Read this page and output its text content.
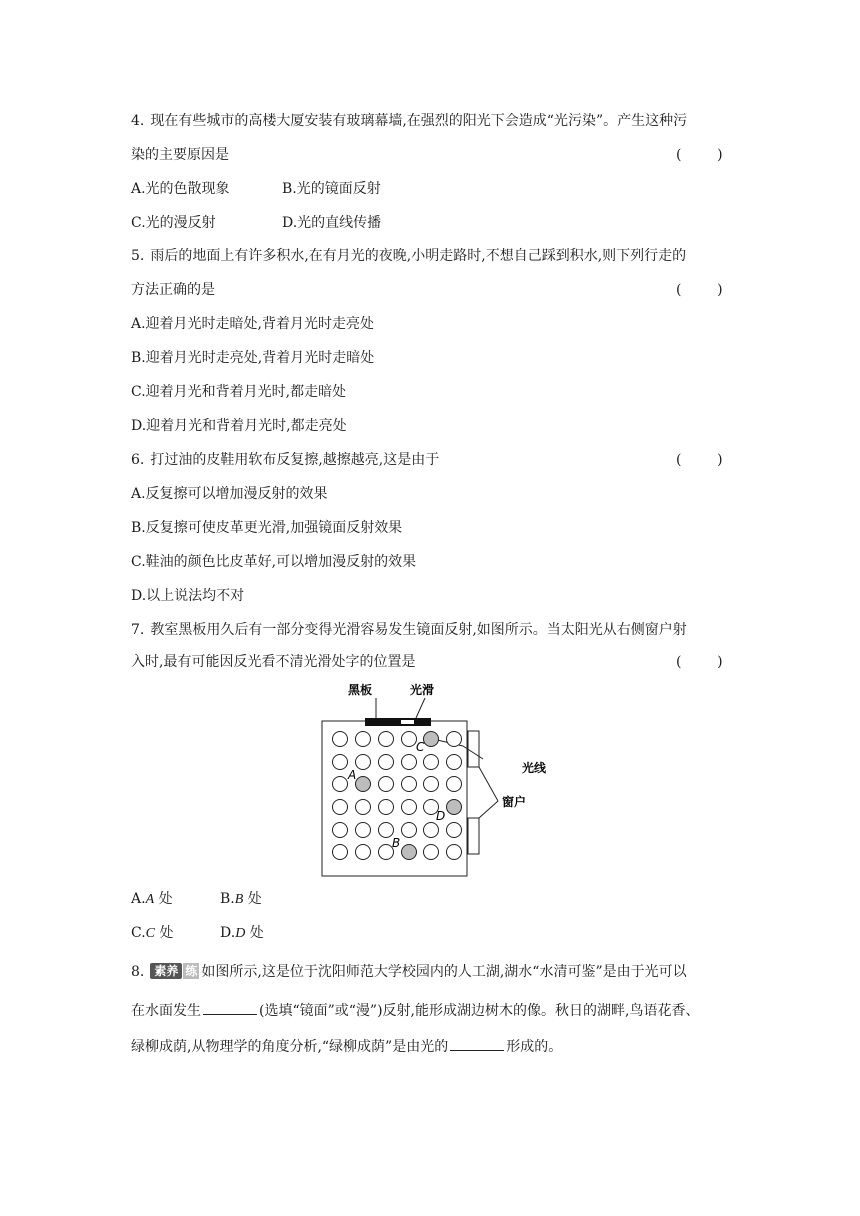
4. 现在有些城市的高楼大厦安装有玻璃幕墙,在强烈的阳光下会造成“光污染”。产生这种污
染的主要原因是	(        )
A.光的色散现象	B.光的镜面反射
C.光的漫反射	D.光的直线传播
5. 雨后的地面上有许多积水,在有月光的夜晚,小明走路时,不想自己踩到积水,则下列行走的
方法正确的是	(        )
A.迎着月光时走暗处,背着月光时走亮处
B.迎着月光时走亮处,背着月光时走暗处
C.迎着月光和背着月光时,都走暗处
D.迎着月光和背着月光时,都走亮处
6. 打过油的皮鞋用软布反复擦,越擦越亮,这是由于	(        )
A.反复擦可以增加漫反射的效果
B.反复擦可使皮革更光滑,加强镜面反射效果
C.鞋油的颜色比皮革好,可以增加漫反射的效果
D.以上说法均不对
7. 教室黑板用久后有一部分变得光滑容易发生镜面反射,如图所示。当太阳光从右侧窗户射
入时,最有可能因反光看不清光滑处字的位置是	(        )
黑板	光滑
窗户
光线
A
B
C
D
A.A 处	B.B 处
C.C 处	D.D 处
8. 素养 练 如图所示,这是位于沈阳师范大学校园内的人工湖,湖水“水清可鉴”是由于光可以
在水面发生	(选填“镜面”或“漫”)反射,能形成湖边树木的像。秋日的湖畔,鸟语花香、
绿柳成荫,从物理学的角度分析,“绿柳成荫”是由光的	形成的。
